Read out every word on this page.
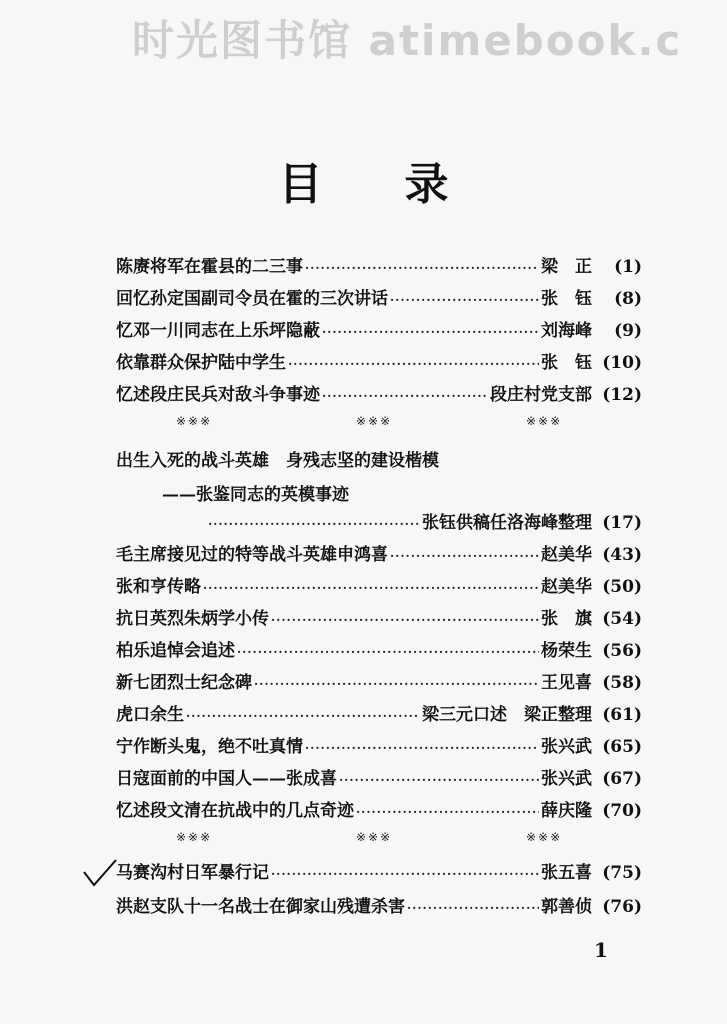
时光图书馆 atimebook.c
目录
陈赓将军在霍县的二三事 ·····	梁　正	(1)
回忆孙定国副司令员在霍的三次讲话 ·····	张　钰	(8)
忆邓一川同志在上乐坪隐蔽 ·····	刘海峰	(9)
依靠群众保护陆中学生 ·····	张　钰 (10)
忆述段庄民兵对敌斗争事迹 ·····	段庄村党支部 (12)
※※※	※※※	※※※
出生入死的战斗英雄　身残志坚的建设楷模
——张鉴同志的英模事迹
·····
张钰供稿任洛海峰整理 (17)
毛主席接见过的特等战斗英雄申鸿喜 ·····	赵美华 (43)
张和亨传略 ·····	赵美华 (50)
抗日英烈朱炳学小传 ·····	张　旗 (54)
柏乐追悼会追述 ·····	杨荣生 (56)
新七团烈士纪念碑 ·····	王见喜 (58)
虎口余生 ·····	梁三元口述　梁正整理 (61)
宁作断头鬼，绝不吐真情 ·····	张兴武 (65)
日寇面前的中国人——张成喜 ·····	张兴武 (67)
忆述段文清在抗战中的几点奇迹 ·····	薛庆隆 (70)
※※※	※※※	※※※
马赛沟村日军暴行记 ·····	张五喜 (75)
洪赵支队十一名战士在御家山残遭杀害 ·····	郭善侦 (76)
1
